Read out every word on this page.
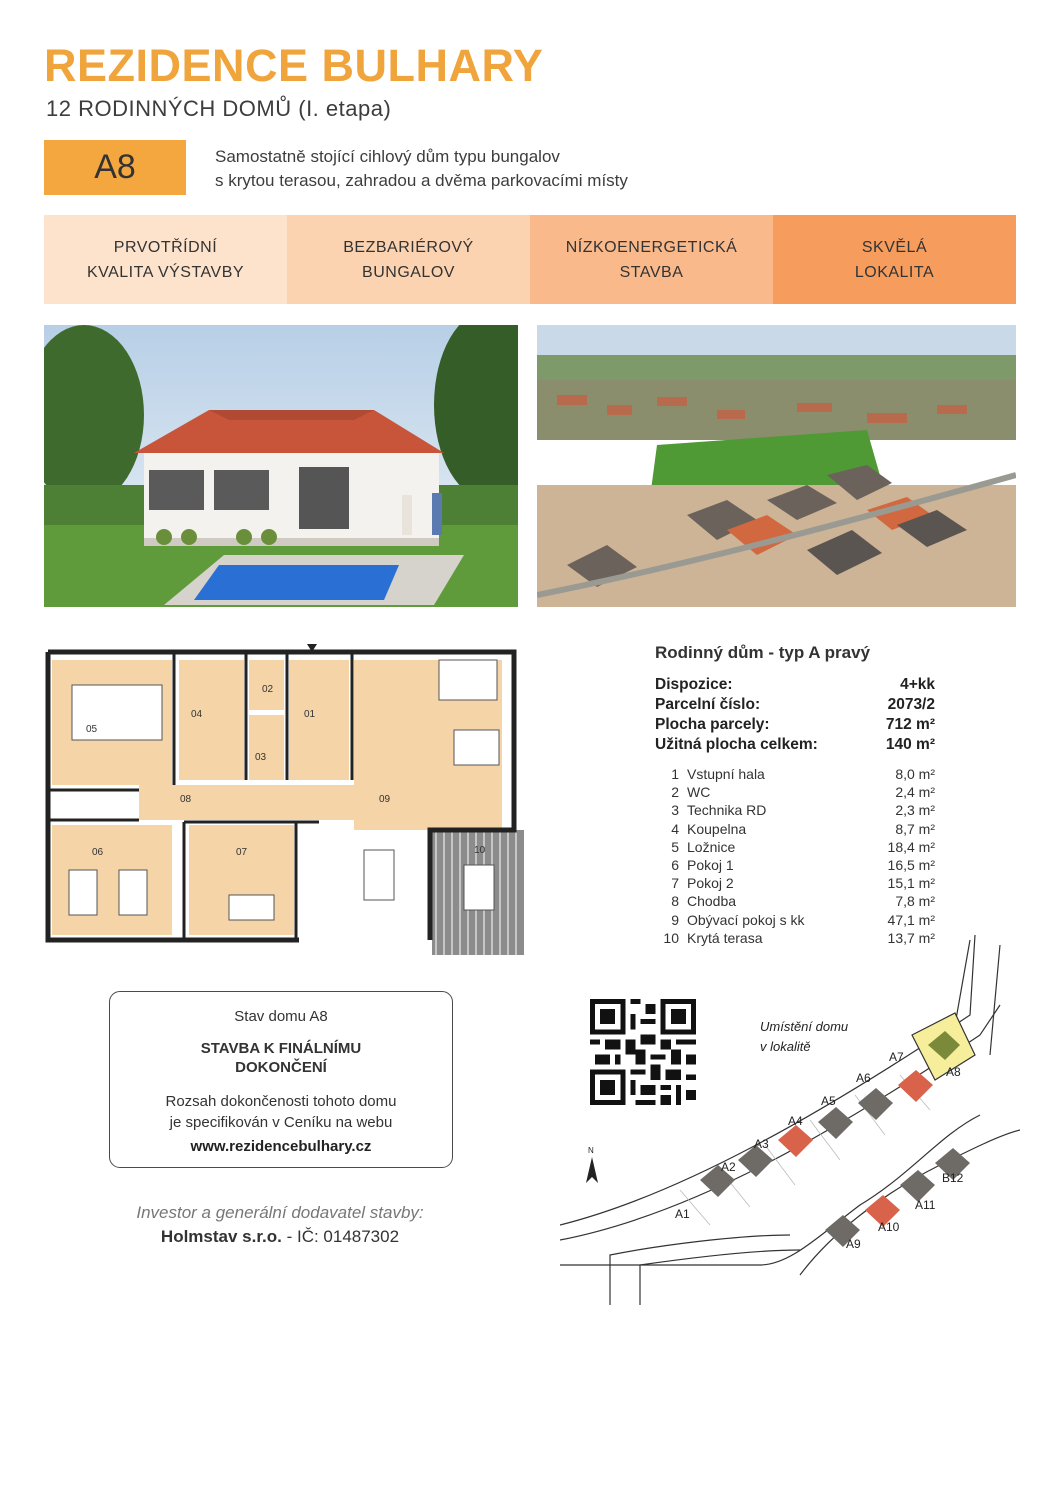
REZIDENCE BULHARY
12 RODINNÝCH DOMŮ (I. etapa)
A8	Samostatně stojící cihlový dům typu bungalov
s krytou terasou, zahradou a dvěma parkovacími místy
PRVOTŘÍDNÍ
KVALITA VÝSTAVBY
BEZBARIÉROVÝ
BUNGALOV
NÍZKOENERGETICKÁ
STAVBA
SKVĚLÁ
LOKALITA
05
04
02
03
01
08	09
06	07	10
Rodinný dům - typ A pravý
Dispozice:	4+kk
Parcelní číslo:	2073/2
Plocha parcely:	712 m²
Užitná plocha celkem:	140 m²
1 Vstupní hala	8,0 m²
2 WC	2,4 m²
3 Technika RD	2,3 m²
4 Koupelna	8,7 m²
5 Ložnice	18,4 m²
6 Pokoj 1	16,5 m²
7 Pokoj 2	15,1 m²
8 Chodba	7,8 m²
9 Obývací pokoj s kk	47,1 m²
10 Krytá terasa	13,7 m²
Stav domu A8
STAVBA K FINÁLNÍMU
DOKONČENÍ
Rozsah dokončenosti tohoto domu
je specifikován v Ceníku na webu
www.rezidencebulhary.cz
Investor a generální dodavatel stavby:
Holmstav s.r.o. - IČ: 01487302
A1
A2
A3
A4
A5
A6
A7
A8
A9
A10
A11
B12
Umístění domu
v lokalitě
N
